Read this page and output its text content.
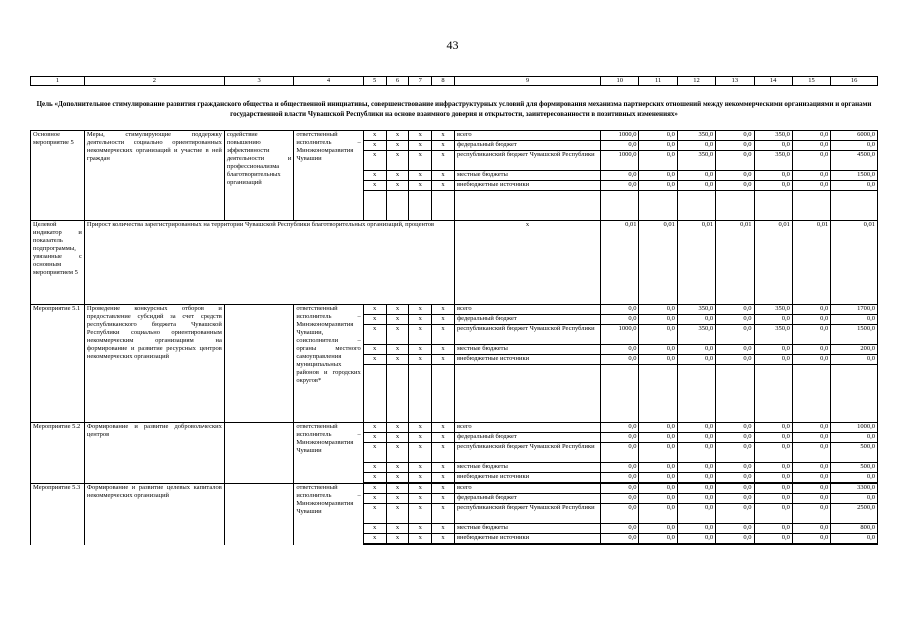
43
1	2	3	4	5	6	7	8	9	10	11	12	13	14	15	16
Цель «Дополнительное стимулирование развития гражданского общества и общественной инициативы, совершенствование инфраструктурных условий для формирования механизма партнерских отношений между некоммерческими организациями и органами государственной власти Чувашской Республики на основе взаимного доверия и открытости, заинтересованности в позитивных изменениях»
Основное мероприятие 5	Меры, стимулирующие поддержку деятельности социально ориентированных некоммерческих организаций и участие в ней граждан	содействие повышению эффективности деятельности и профессионализма благотворительных организаций	ответственный исполнитель – Минэкономразвития Чувашии	x	x	x	x	всего	1000,0	0,0	350,0	0,0	350,0	0,0	6000,0
				x	x	x	x	федеральный бюджет	0,0	0,0	0,0	0,0	0,0	0,0	0,0
				x	x	x	x	республиканский бюджет Чувашской Республики	1000,0	0,0	350,0	0,0	350,0	0,0	4500,0
				x	x	x	x	местные бюджеты	0,0	0,0	0,0	0,0	0,0	0,0	1500,0
				x	x	x	x	внебюджетные источники	0,0	0,0	0,0	0,0	0,0	0,0	0,0

Целевой индикатор и показатель подпрограммы, увязанные с основным мероприятием 5	Прирост количества зарегистрированных на территории Чувашской Республики благотворительных организаций, процентов							x	0,01	0,01	0,01	0,01	0,01	0,01	0,01
Мероприятие 5.1	Проведение конкурсных отборов и предоставление субсидий за счет средств республиканского бюджета Чувашской Республики социально ориентированным некоммерческим организациям на формирование и развитие ресурсных центров некоммерческих организаций		ответственный исполнитель – Минэкономразвития Чувашии, соисполнители – органы местного самоуправления муниципальных районов и городских округов*	x	x	x	x	всего	0,0	0,0	350,0	0,0	350,0	0,0	1700,0
				x	x	x	x	федеральный бюджет	0,0	0,0	0,0	0,0	0,0	0,0	0,0
				x	x	x	x	республиканский бюджет Чувашской Республики	1000,0	0,0	350,0	0,0	350,0	0,0	1500,0
				x	x	x	x	местные бюджеты	0,0	0,0	0,0	0,0	0,0	0,0	200,0
				x	x	x	x	внебюджетные источники	0,0	0,0	0,0	0,0	0,0	0,0	0,0

Мероприятие 5.2	Формирование и развитие добровольческих центров		ответственный исполнитель – Минэкономразвития Чувашии	x	x	x	x	всего	0,0	0,0	0,0	0,0	0,0	0,0	1000,0
				x	x	x	x	федеральный бюджет	0,0	0,0	0,0	0,0	0,0	0,0	0,0
				x	x	x	x	республиканский бюджет Чувашской Республики	0,0	0,0	0,0	0,0	0,0	0,0	500,0
				x	x	x	x	местные бюджеты	0,0	0,0	0,0	0,0	0,0	0,0	500,0
				x	x	x	x	внебюджетные источники	0,0	0,0	0,0	0,0	0,0	0,0	0,0

Мероприятие 5.3	Формирование и развитие целевых капиталов некоммерческих организаций		ответственный исполнитель – Минэкономразвития Чувашии	x	x	x	x	всего	0,0	0,0	0,0	0,0	0,0	0,0	3300,0
				x	x	x	x	федеральный бюджет	0,0	0,0	0,0	0,0	0,0	0,0	0,0
				x	x	x	x	республиканский бюджет Чувашской Республики	0,0	0,0	0,0	0,0	0,0	0,0	2500,0
				x	x	x	x	местные бюджеты	0,0	0,0	0,0	0,0	0,0	0,0	800,0
				x	x	x	x	внебюджетные источники	0,0	0,0	0,0	0,0	0,0	0,0	0,0
